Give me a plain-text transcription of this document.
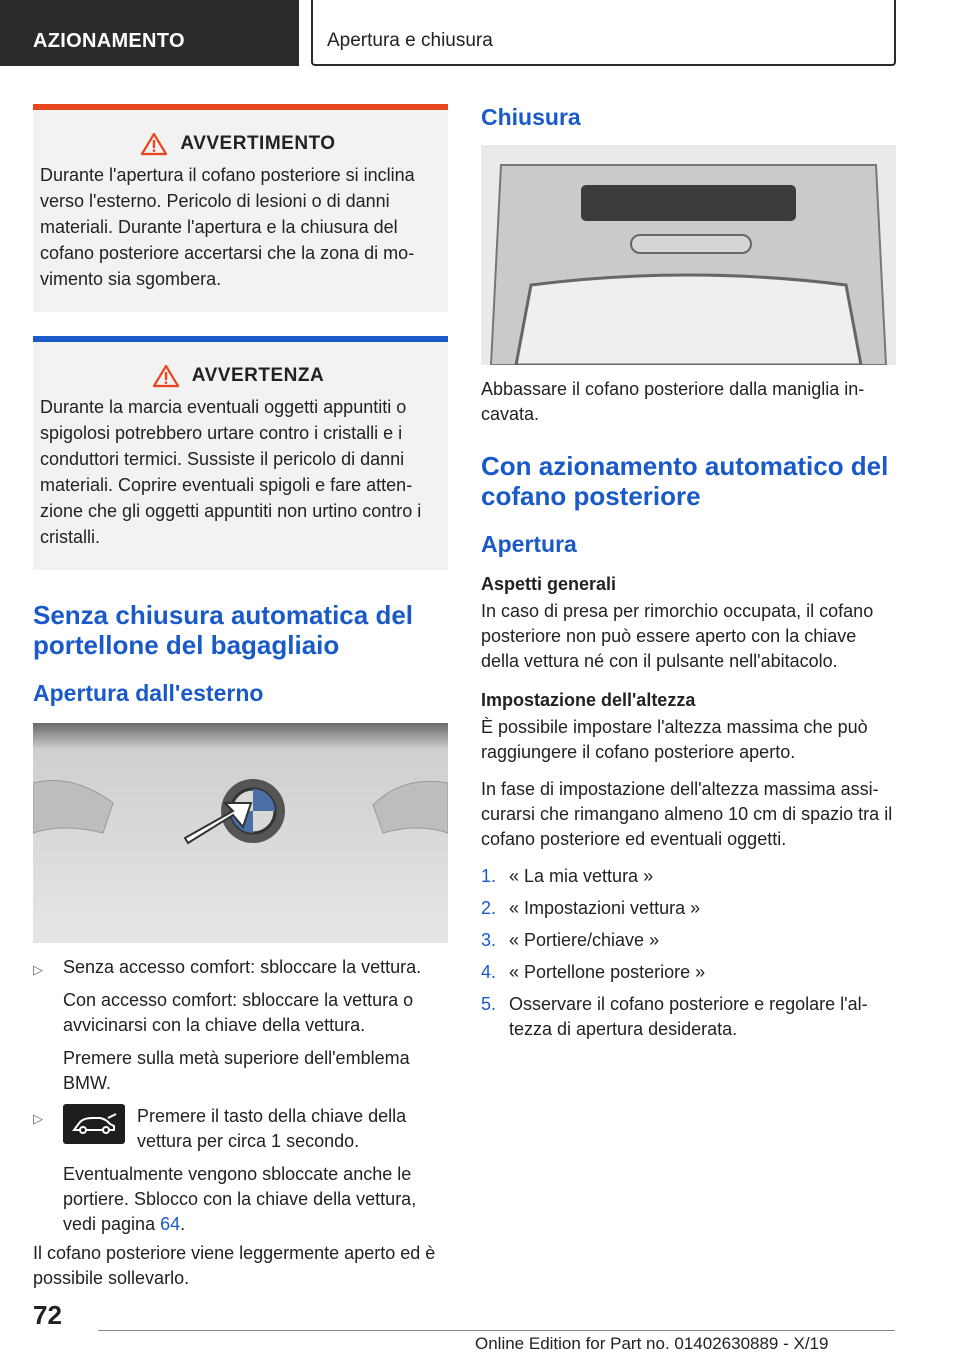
AZIONAMENTO	Apertura e chiusura
AVVERTIMENTO
Durante l'apertura il cofano posteriore si inclina verso l'esterno. Pericolo di lesioni o di danni materiali. Durante l'apertura e la chiusura del cofano posteriore accertarsi che la zona di mo- vimento sia sgombera.
AVVERTENZA
Durante la marcia eventuali oggetti appuntiti o spigolosi potrebbero urtare contro i cristalli e i conduttori termici. Sussiste il pericolo di danni materiali. Coprire eventuali spigoli e fare atten- zione che gli oggetti appuntiti non urtino contro i cristalli.
Senza chiusura automatica del portellone del bagagliaio
Apertura dall'esterno
▷ Senza accesso comfort: sbloccare la vettura.

Con accesso comfort: sbloccare la vettura o avvicinarsi con la chiave della vettura.

Premere sulla metà superiore dell'emblema BMW.

▷	Premere il tasto della chiave della vettura per circa 1 secondo.

Eventualmente vengono sbloccate anche le portiere. Sblocco con la chiave della vettura, vedi pagina 64.

Il cofano posteriore viene leggermente aperto ed è possibile sollevarlo.

Chiusura

Abbassare il cofano posteriore dalla maniglia in- cavata.

Con azionamento automatico del cofano posteriore
Apertura
Aspetti generali

In caso di presa per rimorchio occupata, il cofano posteriore non può essere aperto con la chiave della vettura né con il pulsante nell'abitacolo.

Impostazione dell'altezza

È possibile impostare l'altezza massima che può raggiungere il cofano posteriore aperto.

In fase di impostazione dell'altezza massima assi- curarsi che rimangano almeno 10 cm di spazio tra il cofano posteriore ed eventuali oggetti.

1. « La mia vettura »
2. « Impostazioni vettura »
3. « Portiere/chiave »
4. « Portellone posteriore »
5. Osservare il cofano posteriore e regolare l'al- tezza di apertura desiderata.
72
Online Edition for Part no. 01402630889 - X/19
